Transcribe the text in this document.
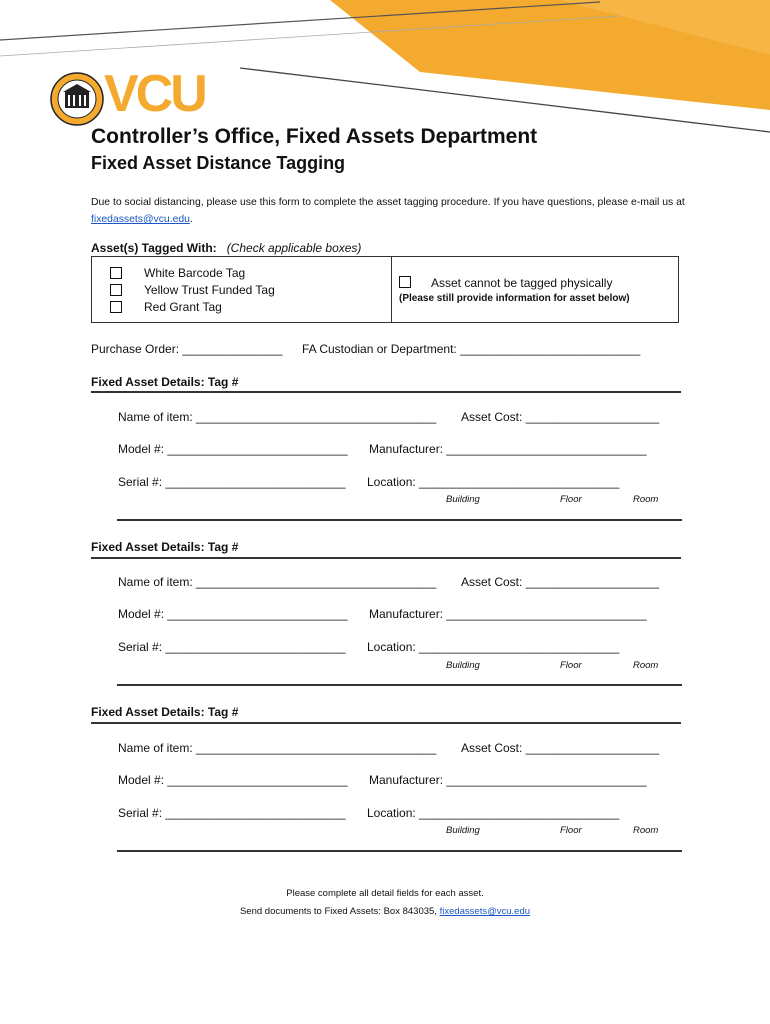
VCU
Controller’s Office, Fixed Assets Department
Fixed Asset Distance Tagging
Due to social distancing, please use this form to complete the asset tagging procedure. If you have questions, please e-mail us at fixedassets@vcu.edu.
Asset(s) Tagged With: (Check applicable boxes)
White Barcode Tag
Yellow Trust Funded Tag
Red Grant Tag
Asset cannot be tagged physically
(Please still provide information for asset below)
Purchase Order: _______________ FA Custodian or Department: ___________________________
Fixed Asset Details: Tag #
Name of item: ____________________________________ Asset Cost: ____________________
Model #: ___________________________ Manufacturer: ______________________________
Serial #: ___________________________ Location: ______________________________
Building	Floor	Room
Fixed Asset Details: Tag #
Name of item: ____________________________________ Asset Cost: ____________________
Model #: ___________________________ Manufacturer: ______________________________
Serial #: ___________________________ Location: ______________________________
Building	Floor	Room
Fixed Asset Details: Tag #
Name of item: ____________________________________ Asset Cost: ____________________
Model #: ___________________________ Manufacturer: ______________________________
Serial #: ___________________________ Location: ______________________________
Building	Floor	Room
Please complete all detail fields for each asset.
Send documents to Fixed Assets: Box 843035, fixedassets@vcu.edu
